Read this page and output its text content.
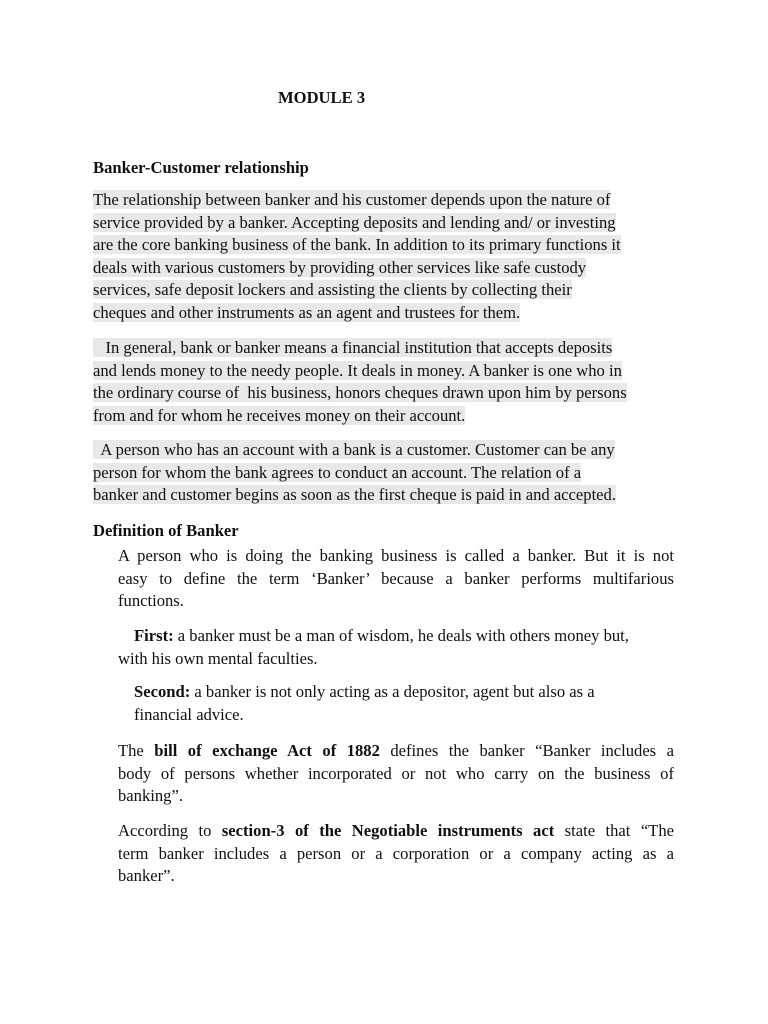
MODULE 3
Banker-Customer relationship
The relationship between banker and his customer depends upon the nature of
service provided by a banker. Accepting deposits and lending and/ or investing
are the core banking business of the bank. In addition to its primary functions it
deals with various customers by providing other services like safe custody
services, safe deposit lockers and assisting the clients by collecting their
cheques and other instruments as an agent and trustees for them.
In general, bank or banker means a financial institution that accepts deposits
and lends money to the needy people. It deals in money. A banker is one who in
the ordinary course of  his business, honors cheques drawn upon him by persons
from and for whom he receives money on their account.
A person who has an account with a bank is a customer. Customer can be any
person for whom the bank agrees to conduct an account. The relation of a
banker and customer begins as soon as the first cheque is paid in and accepted.
Definition of Banker
A person who is doing the banking business is called a banker. But it is not
easy to define the term ‘Banker’ because a banker performs multifarious
functions.
First: a banker must be a man of wisdom, he deals with others money but,
with his own mental faculties.
Second: a banker is not only acting as a depositor, agent but also as a
financial advice.
The bill of exchange Act of 1882 defines the banker “Banker includes a
body of persons whether incorporated or not who carry on the business of
banking”.
According to section-3 of the Negotiable instruments act state that “The
term banker includes a person or a corporation or a company acting as a
banker”.
